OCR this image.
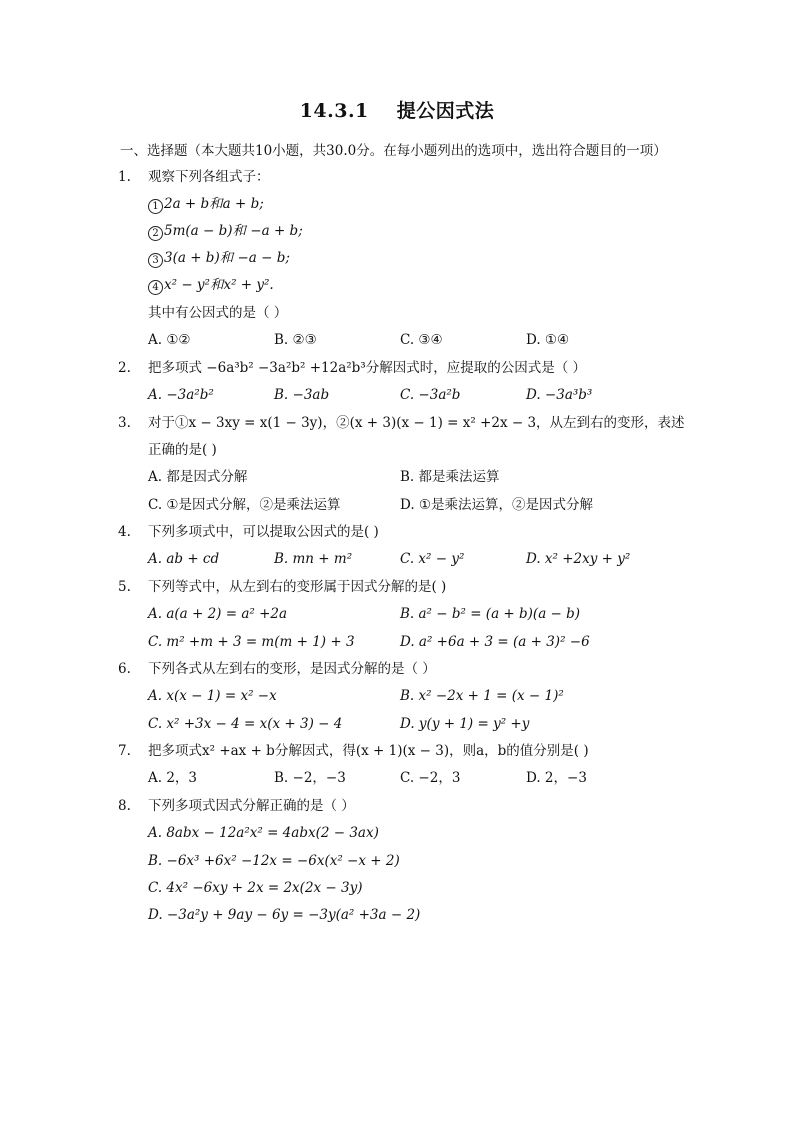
14.3.1 提公因式法
一、选择题（本大题共10小题，共30.0分。在每小题列出的选项中，选出符合题目的一项）
1. 观察下列各组式子：
1 2a + b和a + b;
2 5m(a − b)和 −a + b;
3 3(a + b)和 −a − b;
4 x² − y²和x² + y².
其中有公因式的是（ ）
A. ①②	B. ②③	C. ③④	D. ①④
2. 把多项式 −6a³b² −3a²b² +12a²b³分解因式时，应提取的公因式是（ ）
A. −3a²b²	B. −3ab	C. −3a²b	D. −3a³b³
3. 对于①x − 3xy = x(1 − 3y)，②(x + 3)(x − 1) = x² +2x − 3，从左到右的变形，表述
正确的是( )
A. 都是因式分解	B. 都是乘法运算
C. ①是因式分解，②是乘法运算	D. ①是乘法运算，②是因式分解
4. 下列多项式中，可以提取公因式的是( )
A. ab + cd	B. mn + m²	C. x² − y²	D. x² +2xy + y²
5. 下列等式中，从左到右的变形属于因式分解的是( )
A. a(a + 2) = a² +2a	B. a² − b² = (a + b)(a − b)
C. m² +m + 3 = m(m + 1) + 3	D. a² +6a + 3 = (a + 3)² −6
6. 下列各式从左到右的变形，是因式分解的是（ ）
A. x(x − 1) = x² −x	B. x² −2x + 1 = (x − 1)²
C. x² +3x − 4 = x(x + 3) − 4	D. y(y + 1) = y² +y
7. 把多项式x² +ax + b分解因式，得(x + 1)(x − 3)，则a，b的值分别是( )
A. 2，3	B. −2，−3	C. −2，3	D. 2，−3
8. 下列多项式因式分解正确的是（ ）
A. 8abx − 12a²x² = 4abx(2 − 3ax)
B. −6x³ +6x² −12x = −6x(x² −x + 2)
C. 4x² −6xy + 2x = 2x(2x − 3y)
D. −3a²y + 9ay − 6y = −3y(a² +3a − 2)
